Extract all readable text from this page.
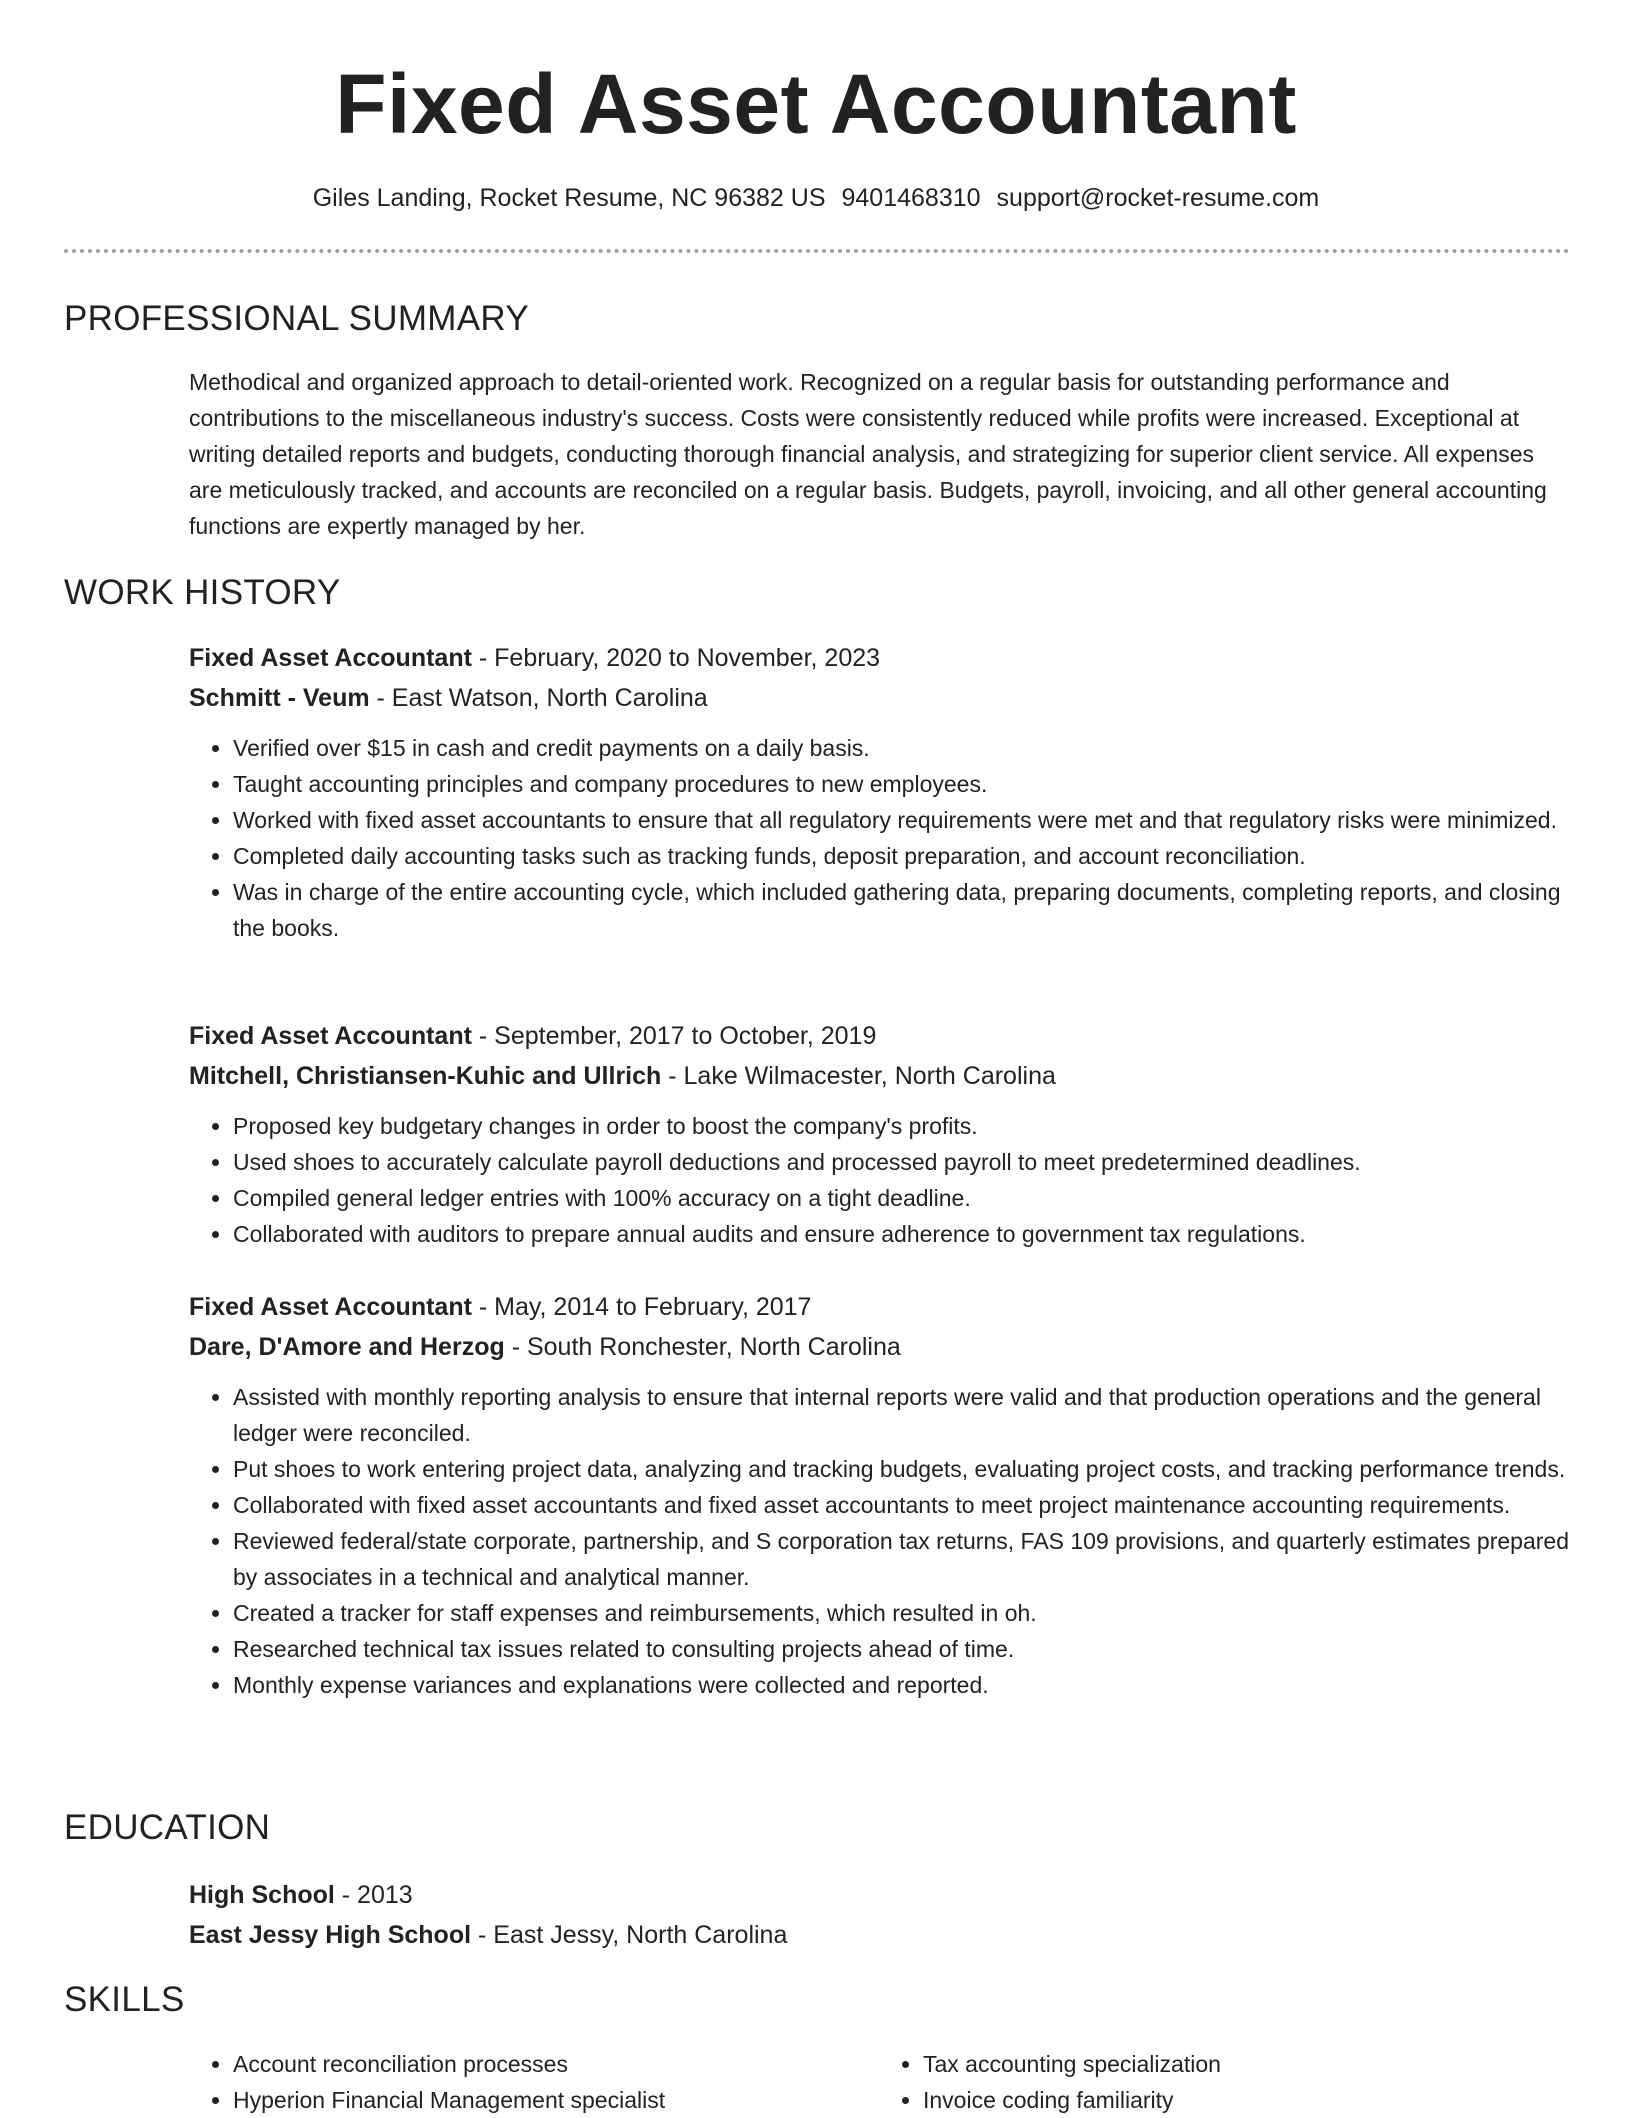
Fixed Asset Accountant
Giles Landing, Rocket Resume, NC 96382 US 9401468310 support@rocket-resume.com
PROFESSIONAL SUMMARY

Methodical and organized approach to detail-oriented work. Recognized on a regular basis for outstanding performance and contributions to the miscellaneous industry's success. Costs were consistently reduced while profits were increased. Exceptional at writing detailed reports and budgets, conducting thorough financial analysis, and strategizing for superior client service. All expenses are meticulously tracked, and accounts are reconciled on a regular basis. Budgets, payroll, invoicing, and all other general accounting functions are expertly managed by her.

WORK HISTORY
Fixed Asset Accountant - February, 2020 to November, 2023
Schmitt - Veum - East Watson, North Carolina
• Verified over $15 in cash and credit payments on a daily basis.
• Taught accounting principles and company procedures to new employees.
• Worked with fixed asset accountants to ensure that all regulatory requirements were met and that regulatory risks were minimized.
• Completed daily accounting tasks such as tracking funds, deposit preparation, and account reconciliation.
• Was in charge of the entire accounting cycle, which included gathering data, preparing documents, completing reports, and closing the books.
Fixed Asset Accountant - September, 2017 to October, 2019
Mitchell, Christiansen-Kuhic and Ullrich - Lake Wilmacester, North Carolina
• Proposed key budgetary changes in order to boost the company's profits.
• Used shoes to accurately calculate payroll deductions and processed payroll to meet predetermined deadlines.
• Compiled general ledger entries with 100% accuracy on a tight deadline.
• Collaborated with auditors to prepare annual audits and ensure adherence to government tax regulations.
Fixed Asset Accountant - May, 2014 to February, 2017
Dare, D'Amore and Herzog - South Ronchester, North Carolina
• Assisted with monthly reporting analysis to ensure that internal reports were valid and that production operations and the general ledger were reconciled.
• Put shoes to work entering project data, analyzing and tracking budgets, evaluating project costs, and tracking performance trends.
• Collaborated with fixed asset accountants and fixed asset accountants to meet project maintenance accounting requirements.
• Reviewed federal/state corporate, partnership, and S corporation tax returns, FAS 109 provisions, and quarterly estimates prepared by associates in a technical and analytical manner.
• Created a tracker for staff expenses and reimbursements, which resulted in oh.
• Researched technical tax issues related to consulting projects ahead of time.
• Monthly expense variances and explanations were collected and reported.
EDUCATION
High School - 2013
East Jessy High School - East Jessy, North Carolina
SKILLS
• Account reconciliation processes
• Hyperion Financial Management specialist
• Tax accounting specialization
• Invoice coding familiarity
